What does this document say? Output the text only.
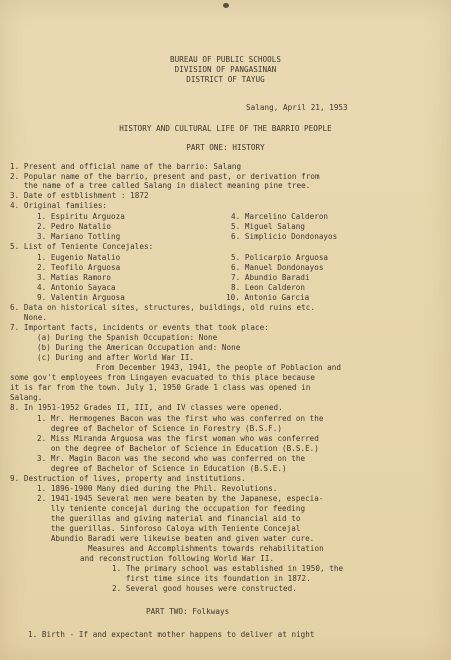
BUREAU OF PUBLIC SCHOOLS
DIVISION OF PANGASINAN
DISTRICT OF TAYUG
Salang, April 21, 1953
HISTORY AND CULTURAL LIFE OF THE BARRIO PEOPLE
PART ONE: HISTORY
1. Present and official name of the barrio: Salang
2. Popular name of the barrio, present and past, or derivation from
the name of a tree called Salang in dialect meaning pine tree.
3. Date of estblishment : 1872
4. Original families:
1. Espiritu Arguoza
2. Pedro Natalio
3. Mariano Totling
4. Marcelino Calderon
5. Miguel Salang
6. Simplicio Dondonayos
5. List of Teniente Concejales:
1. Eugenio Natalio
2. Teofilo Arguosa
3. Matias Ramoro
4. Antonio Sayaca
9. Valentin Arguosa
5. Policarpio Arguosa
6. Manuel Dondonayos
7. Abundio Baradi
8. Leon Calderon
10. Antonio Garcia
6. Data on historical sites, structures, buildings, old ruins etc.
None.
7. Important facts, incidents or events that took place:
(a) During the Spanish Occupation: None
(b) During the American Occupation and: None
(c) During and after World War II.
From December 1943, 1941, the people of Poblacion and
some gov't employees from Lingayen evacuated to this place because
it is far from the town. July 1, 1950 Grade 1 class was opened in
Salang.
8. In 1951-1952 Grades II, III, and IV classes were opened.
1. Mr. Hermogenes Bacon was the first who was conferred on the
degree of Bachelor of Science in Forestry (B.S.F.)
2. Miss Miranda Arguosa was the first woman who was conferred
on the degree of Bachelor of Science in Education (B.S.E.)
3. Mr. Magin Bacon was the second who was conferred on the
degree of Bachelor of Science in Education (B.S.E.)
9. Destruction of lives, property and institutions.
1. 1896-1900 Many died during the Phil. Revolutions.
2. 1941-1945 Several men were beaten by the Japanese, especia-
lly teniente concejal during the occupation for feeding
the guerillas and giving material and financial aid to
the guerillas. Sinforoso Caloya with Teniente Concejal
Abundio Baradi were likewise beaten and given water cure.
Measures and Accomplishments towards rehabilitation
and reconstruction following World War II.
1. The primary school was established in 1950, the
first time since its foundation in 1872.
2. Several good houses were constructed.
PART TWO: Folkways
1. Birth - If and expectant mother happens to deliver at night
